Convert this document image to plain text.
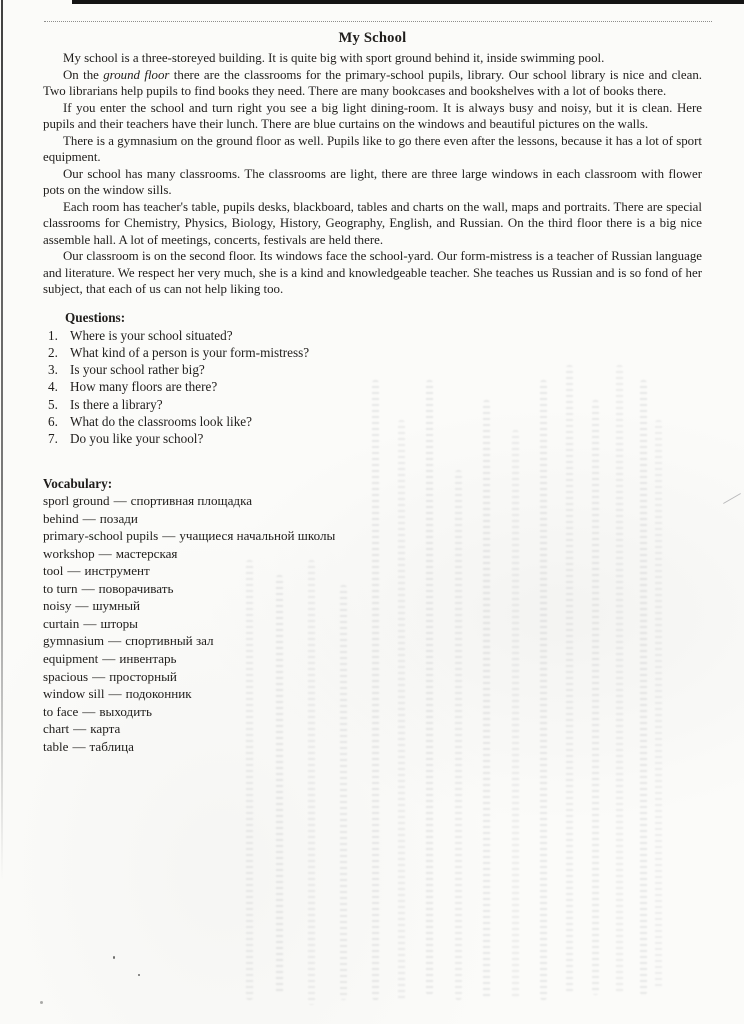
My School

My school is a three-storeyed building. It is quite big with sport ground behind it, inside swimming pool.

On the ground floor there are the classrooms for the primary-school pupils, library. Our school library is nice and clean. Two librarians help pupils to find books they need. There are many bookcases and bookshelves with a lot of books there.

If you enter the school and turn right you see a big light dining-room. It is always busy and noisy, but it is clean. Here pupils and their teachers have their lunch. There are blue curtains on the windows and beautiful pictures on the walls.

There is a gymnasium on the ground floor as well. Pupils like to go there even after the lessons, because it has a lot of sport equipment.

Our school has many classrooms. The classrooms are light, there are three large windows in each classroom with flower pots on the window sills.

Each room has teacher's table, pupils desks, blackboard, tables and charts on the wall, maps and portraits. There are special classrooms for Chemistry, Physics, Biology, History, Geography, English, and Russian. On the third floor there is a big nice assemble hall. A lot of meetings, concerts, festivals are held there.

Our classroom is on the second floor. Its windows face the school-yard. Our form-mistress is a teacher of Russian language and literature. We respect her very much, she is a kind and knowledgeable teacher. She teaches us Russian and is so fond of her subject, that each of us can not help liking too.

Questions:

1. Where is your school situated?
2. What kind of a person is your form-mistress?
3. Is your school rather big?
4. How many floors are there?
5. Is there a library?
6. What do the classrooms look like?
7. Do you like your school?

Vocabulary:

sporl ground — спортивная площадка
behind — позади
primary-school pupils — учащиеся начальной школы
workshop — мастерская
tool — инструмент
to turn — поворачивать
noisy — шумный
curtain — шторы
gymnasium — спортивный зал
equipment — инвентарь
spacious — просторный
window sill — подоконник
to face — выходить
chart — карта
table — таблица
